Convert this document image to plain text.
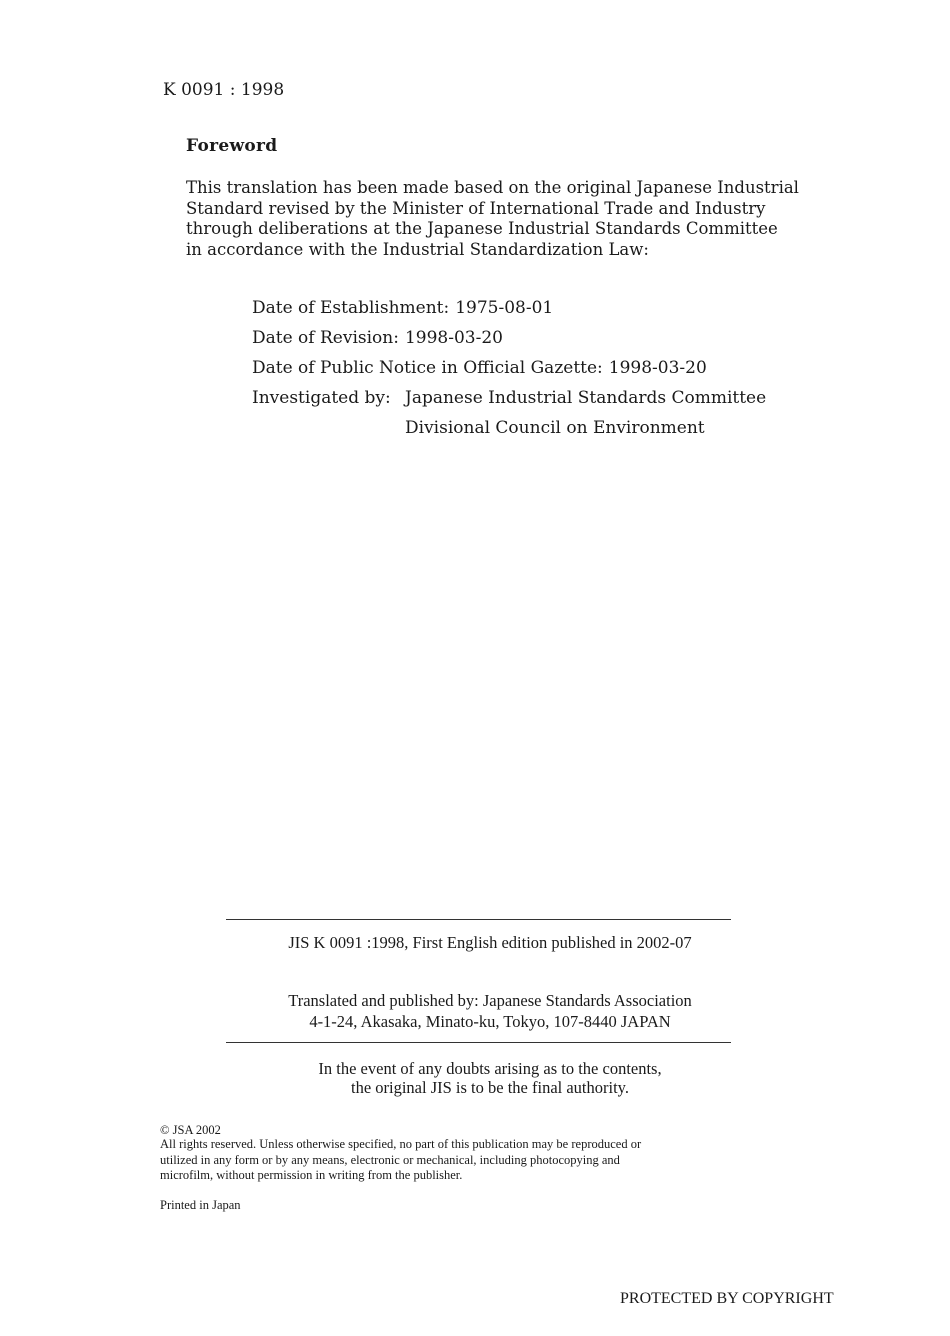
K 0091 : 1998
Foreword
This translation has been made based on the original Japanese Industrial
Standard revised by the Minister of International Trade and Industry
through deliberations at the Japanese Industrial Standards Committee
in accordance with the Industrial Standardization Law:
Date of Establishment: 1975-08-01
Date of Revision: 1998-03-20
Date of Public Notice in Official Gazette: 1998-03-20
Investigated by: Japanese Industrial Standards Committee
Divisional Council on Environment
JIS K 0091 :1998, First English edition published in 2002-07
Translated and published by: Japanese Standards Association
4-1-24, Akasaka, Minato-ku, Tokyo, 107-8440 JAPAN
In the event of any doubts arising as to the contents,
the original JIS is to be the final authority.
© JSA 2002
All rights reserved. Unless otherwise specified, no part of this publication may be reproduced or
utilized in any form or by any means, electronic or mechanical, including photocopying and
microfilm, without permission in writing from the publisher.
Printed in Japan
PROTECTED BY COPYRIGHT
